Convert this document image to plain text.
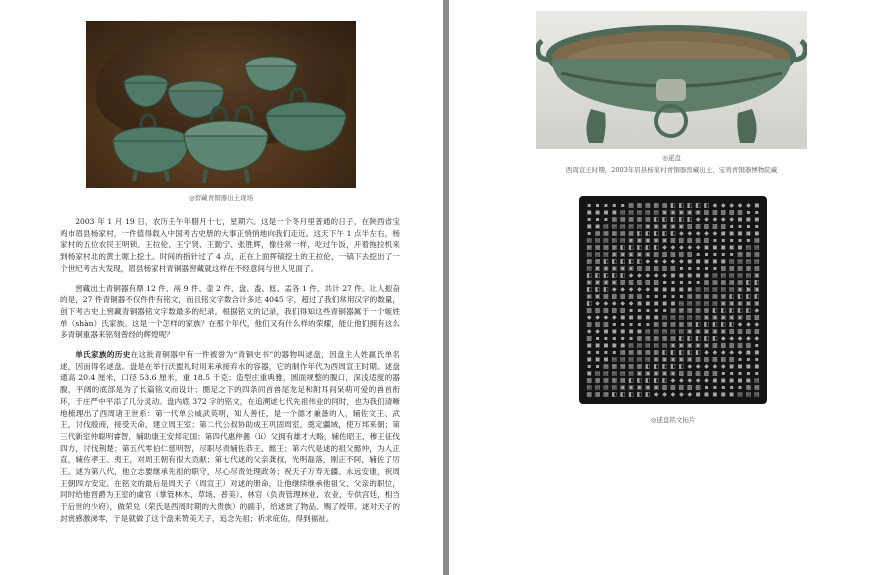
◎窖藏青铜器出土现场

2003 年 1 月 19 日，农历壬午年腊月十七，星期六。这是一个冬月里普通的日子，在陕西省宝鸡市眉县杨家村，一件值得载入中国考古史册的大事正悄悄地向我们走近。这天下午 1 点半左右，杨家村的五位农民王明锁、王拉伦、王宁贤、王勤宁、张胜辉，像往常一样，吃过午饭，开着拖拉机来到杨家村北的黄土塬上挖土。时间的指针过了 4 点，正在上面挥镐挖土的王拉伦，一镐下去挖出了一个世纪考古大发现，眉县杨家村青铜器窖藏就这样在不经意间与世人见面了。

窖藏出土青铜器有鼎 12 件、鬲 9 件、壶 2 件，盘、盉、匜、盂各 1 件，共计 27 件。让人振奋的是，27 件青铜器不仅件件有铭文，而且铭文字数合计多达 4045 字，超过了我们常用汉字的数量，创下考古史上窖藏青铜器铭文字数最多的纪录。根据铭文的记录，我们得知这些青铜器属于一个姬姓单（shàn）氏家族。这是一个怎样的家族？在那个年代，他们又有什么样的荣耀，能让他们拥有这么多青铜重器来铭刻曾经的辉煌呢？

单氏家族的历史在这批青铜器中有一件被誉为“青铜史书”的器物叫逑盘，因盘主人姓嬴氏单名逑，因而得名逑盘。盘是在举行沃盥礼时用来承接弃水的容器，它的制作年代为西周宣王时期。逑盘通高 20.4 厘米，口径 53.6 厘米，重 18.5 千克；造型庄重典雅，圆面规整的腹口，深浅适度的器腹，平阔的底部是为了长篇铭文而设计；圈足之下的四条同首兽尾龙足和附耳间呆萌可爱的兽首衔环，于庄严中平添了几分灵动。盘内底 372 字的铭文，在追溯逑七代先祖伟业的同时，也为我们清晰地梳理出了西周诸王世系：第一代单公威武英明，知人善任，是一个德才兼备的人，辅佐文王、武王，讨伐殷商，接受天命，建立周王室；第二代公叔协助成王巩固周室，奠定疆域，使万邦来朝；第三代新室仲聪明睿智，辅助康王安邦定国；第四代惠仲盠（lí）父拥有雄才大略，辅佐昭王、穆王征伐四方，讨伐荆楚；第五代零伯仁慈明智，尽职尽责辅佐恭王、懿王；第六代是逑的祖父懿仲，为人正直，辅佐孝王、夷王，对周王朝有很大贡献；第七代逑的父亲龚叔，光明磊落，刚正不阿，辅佐了厉王。逑为第八代，他立志要继承先祖的职守，尽心尽责处理政务；祝天子万寿无疆、永远安康，祝周王朝四方安定。在铭文的最后是周天子（周宣王）对逑的册命，让他继续继承他祖父、父亲的职位，同时给他晋爵为王室的虞官（掌管林木、草场、普美）、林官（负责管理林业、农业，专供宫廷，相当于后世的少府），做荣兑（荣氏是西周时期的大贵族）的副手，给逑赏了物品、赐了绶带。逑对天子的封赏感激涕零，于是就做了这个盘来赞美天子，追念先祖；祈求庇佑，得到福祉。

◎逑盘
西周宣王时期，2003年眉县杨家村青铜器窖藏出土，宝鸡青铜器博物院藏
▪ ▪ ▪ ▪ ▪ ▦ ▦ ▦ ▦ ▦ ◧ ◧ ◧ ◧ ◧ ◆ ◆ ◆ ◆ ◆ ◼
◼ ◼ ◼ ◼ ▤ ▤ ▤ ▤ ▤ ▣ ▣ ▣ ▣ ▣ ▩ ▩ ▩ ▩ ▩ ▪ ▪
▪ ▪ ▪ ▦ ▦ ▦ ▦ ▦ ◧ ◧ ◧ ◧ ◧ ◆ ◆ ◆ ◆ ◆ ◼ ◼ ◼
◼ ◼ ▤ ▤ ▤ ▤ ▤ ▣ ▣ ▣ ▣ ▣ ▩ ▩ ▩ ▩ ▩ ▪ ▪ ▪ ▪
▪ ▦ ▦ ▦ ▦ ▦ ◧ ◧ ◧ ◧ ◧ ◆ ◆ ◆ ◆ ◆ ◼ ◼ ◼ ◼ ◼
▤ ▤ ▤ ▤ ▤ ▣ ▣ ▣ ▣ ▣ ▩ ▩ ▩ ▩ ▩ ▪ ▪ ▪ ▪ ▪ ▦
▦ ▦ ▦ ▦ ◧ ◧ ◧ ◧ ◧ ◆ ◆ ◆ ◆ ◆ ◼ ◼ ◼ ◼ ◼ ▤ ▤
▤ ▤ ▤ ▣ ▣ ▣ ▣ ▣ ▩ ▩ ▩ ▩ ▩ ▪ ▪ ▪ ▪ ▪ ▦ ▦ ▦
▦ ▦ ◧ ◧ ◧ ◧ ◧ ◆ ◆ ◆ ◆ ◆ ◼ ◼ ◼ ◼ ◼ ▤ ▤ ▤ ▤
▤ ▣ ▣ ▣ ▣ ▣ ▩ ▩ ▩ ▩ ▩ ▪ ▪ ▪ ▪ ▪ ▦ ▦ ▦ ▦ ▦
◧ ◧ ◧ ◧ ◧ ◆ ◆ ◆ ◆ ◆ ◼ ◼ ◼ ◼ ◼ ▤ ▤ ▤ ▤ ▤ ▣
▣ ▣ ▣ ▣ ▩ ▩ ▩ ▩ ▩ ▪ ▪ ▪ ▪ ▪ ▦ ▦ ▦ ▦ ▦ ◧ ◧
◧ ◧ ◧ ◆ ◆ ◆ ◆ ◆ ◼ ◼ ◼ ◼ ◼ ▤ ▤ ▤ ▤ ▤ ▣ ▣ ▣
▣ ▣ ▩ ▩ ▩ ▩ ▩ ▪ ▪ ▪ ▪ ▪ ▦ ▦ ▦ ▦ ▦ ◧ ◧ ◧ ◧
◧ ◆ ◆ ◆ ◆ ◆ ◼ ◼ ◼ ◼ ◼ ▤ ▤ ▤ ▤ ▤ ▣ ▣ ▣ ▣ ▣
▩ ▩ ▩ ▩ ▩ ▪ ▪ ▪ ▪ ▪ ▦ ▦ ▦ ▦ ▦ ◧ ◧ ◧ ◧ ◧ ◆
◆ ◆ ◆ ◆ ◼ ◼ ◼ ◼ ◼ ▤ ▤ ▤ ▤ ▤ ▣ ▣ ▣ ▣ ▣ ▩ ▩
▩ ▩ ▩ ▪ ▪ ▪ ▪ ▪ ▦ ▦ ▦ ▦ ▦ ◧ ◧ ◧ ◧ ◧ ◆ ◆ ◆
◆ ◆ ◼ ◼ ◼ ◼ ◼ ▤ ▤ ▤ ▤ ▤ ▣ ▣ ▣ ▣ ▣ ▩ ▩ ▩ ▩
▩ ▪ ▪ ▪ ▪ ▪ ▦ ▦ ▦ ▦ ▦ ◧ ◧ ◧ ◧ ◧ ◆ ◆ ◆ ◆ ◆
◼ ◼ ◼ ◼ ◼ ▤ ▤ ▤ ▤ ▤ ▣ ▣ ▣ ▣ ▣ ▩ ▩ ▩ ▩ ▩ ▪
▪ ▪ ▪ ▪ ▦ ▦ ▦ ▦ ▦ ◧ ◧ ◧ ◧ ◧ ◆ ◆ ◆ ◆ ◆ ◼ ◼
◼ ◼ ◼ ▤ ▤ ▤ ▤ ▤ ▣ ▣ ▣ ▣ ▣ ▩ ▩ ▩ ▩ ▩ ▪ ▪ ▪
▪ ▪ ▦ ▦ ▦ ▦ ▦ ◧ ◧ ◧ ◧ ◧ ◆ ◆ ◆ ◆ ◆ ◼ ◼ ◼ ◼
◼ ▤ ▤ ▤ ▤ ▤ ▣ ▣ ▣ ▣ ▣ ▩ ▩ ▩ ▩ ▩ ▪ ▪ ▪ ▪ ▪
▦ ▦ ▦ ▦ ▦ ◧ ◧ ◧ ◧ ◧ ◆ ◆ ◆ ◆ ◆ ◼ ◼ ◼ ◼ ◼ ▤
▤ ▤ ▤ ▤ ▣ ▣ ▣ ▣ ▣ ▩ ▩ ▩ ▩ ▩ ▪ ▪ ▪ ▪ ▪ ▦ ▦
▦ ▦ ▦ ◧ ◧ ◧ ◧ ◧ ◆ ◆ ◆ ◆ ◆ ◼ ◼ ◼ ◼ ◼ ▤ ▤ ▤
◎逑盘铭文拓片
